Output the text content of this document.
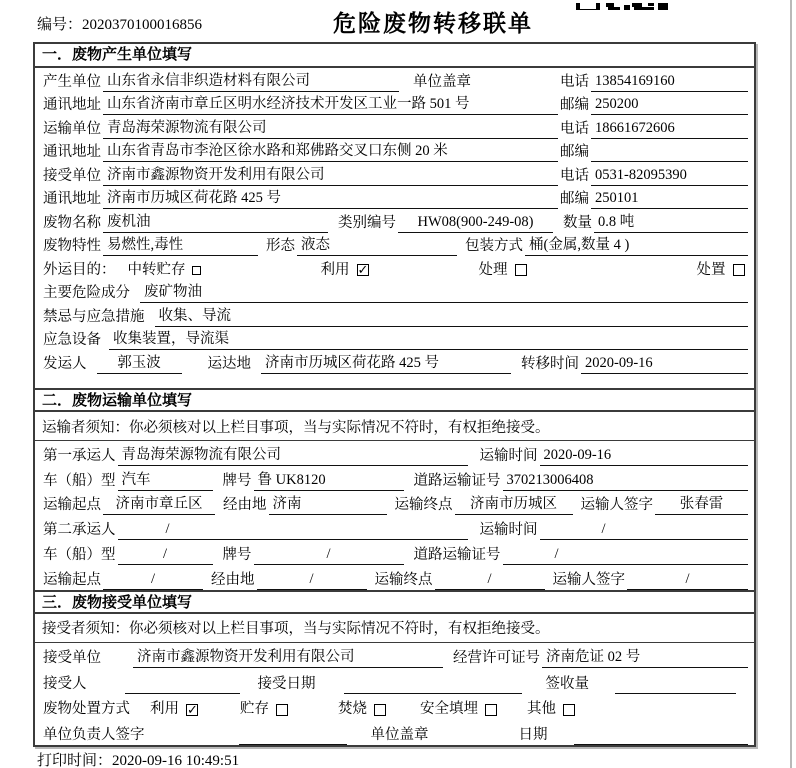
编号：2020370100016856	危险废物转移联单
一．废物产生单位填写
产生单位 山东省永信非织造材料有限公司	单位盖章	电话 13854169160
通讯地址 山东省济南市章丘区明水经济技术开发区工业一路 501 号	邮编 250200
运输单位 青岛海荣源物流有限公司	电话 18661672606
通讯地址 山东省青岛市李沧区徐水路和郑佛路交叉口东侧 20 米	邮编
接受单位 济南市鑫源物资开发利用有限公司	电话 0531-82095390
通讯地址 济南市历城区荷花路 425 号	邮编 250101
废物名称 废机油	类别编号	HW08(900-249-08)	数量 0.8 吨
废物特性 易燃性,毒性	形态 液态	包装方式 桶(金属,数量 4 )
外运目的： 中转贮存	利用 ✓	处理	处置
主要危险成分 废矿物油
禁忌与应急措施 收集、导流
应急设备 收集装置，导流渠
发运人	郭玉波	运达地 济南市历城区荷花路 425 号	转移时间 2020-09-16
二．废物运输单位填写
运输者须知： 你必须核对以上栏目事项，当与实际情况不符时，有权拒绝接受。
第一承运人 青岛海荣源物流有限公司	运输时间 2020-09-16
车（船）型 汽车	牌号 鲁 UK8120	道路运输证号 370213006408
运输起点	济南市章丘区	经由地 济南	运输终点	济南市历城区	运输人签字	张春雷
第二承运人	/	运输时间	/
车（船）型	/	牌号	/	道路运输证号	/
运输起点	/	经由地	/	运输终点	/	运输人签字	/
三．废物接受单位填写
接受者须知： 你必须核对以上栏目事项，当与实际情况不符时，有权拒绝接受。
接受单位 济南市鑫源物资开发利用有限公司	经营许可证号 济南危证 02 号
接受人	接受日期	签收量
废物处置方式 利用 ✓	贮存	焚烧	安全填埋	其他
单位负责人签字	单位盖章	日期
打印时间：2020-09-16 10:49:51
